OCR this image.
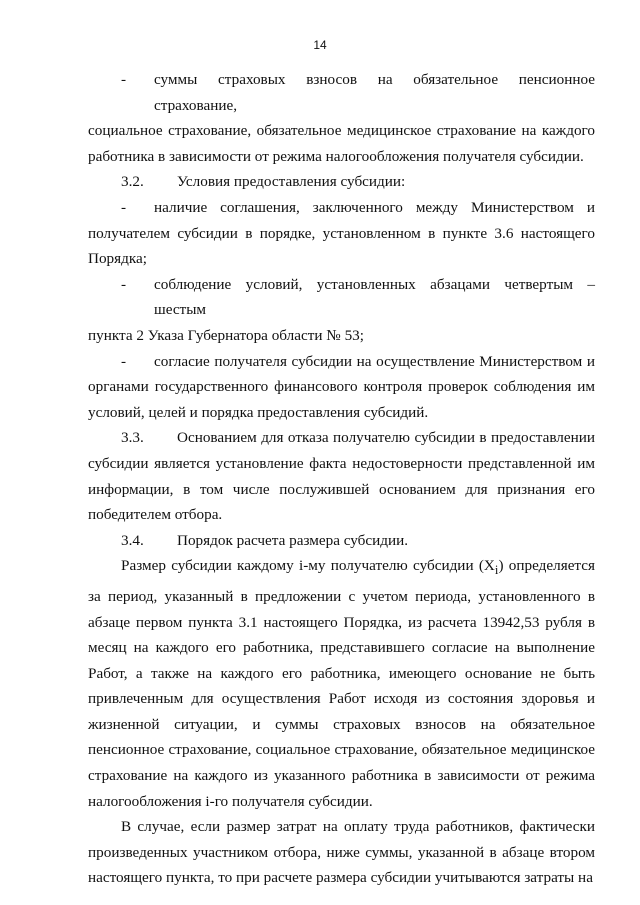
14
-	суммы страховых взносов на обязательное пенсионное страхование,
социальное страхование, обязательное медицинское страхование на каждого работника в зависимости от режима налогообложения получателя субсидии.
3.2.	Условия предоставления субсидии:
-	наличие соглашения, заключенного между Министерством и
получателем субсидии в порядке, установленном в пункте 3.6 настоящего Порядка;
-	соблюдение условий, установленных абзацами четвертым – шестым
пункта 2 Указа Губернатора области № 53;
-	согласие получателя субсидии на осуществление Министерством и
органами государственного финансового контроля проверок соблюдения им условий, целей и порядка предоставления субсидий.
3.3.	Основанием для отказа получателю субсидии в предоставлении
субсидии является установление факта недостоверности представленной им информации, в том числе послужившей основанием для признания его победителем отбора.
3.4.	Порядок расчета размера субсидии.

Размер субсидии каждому i-му получателю субсидии $(X_i)$ определяется за период, указанный в предложении с учетом периода, установленного в абзаце первом пункта 3.1 настоящего Порядка, из расчета 13942,53 рубля в месяц на каждого его работника, представившего согласие на выполнение Работ, а также на каждого его работника, имеющего основание не быть привлеченным для осуществления Работ исходя из состояния здоровья и жизненной ситуации, и суммы страховых взносов на обязательное пенсионное страхование, социальное страхование, обязательное медицинское страхование на каждого из указанного работника в зависимости от режима налогообложения i-го получателя субсидии.

В случае, если размер затрат на оплату труда работников, фактически произведенных участником отбора, ниже суммы, указанной в абзаце втором настоящего пункта, то при расчете размера субсидии учитываются затраты на
